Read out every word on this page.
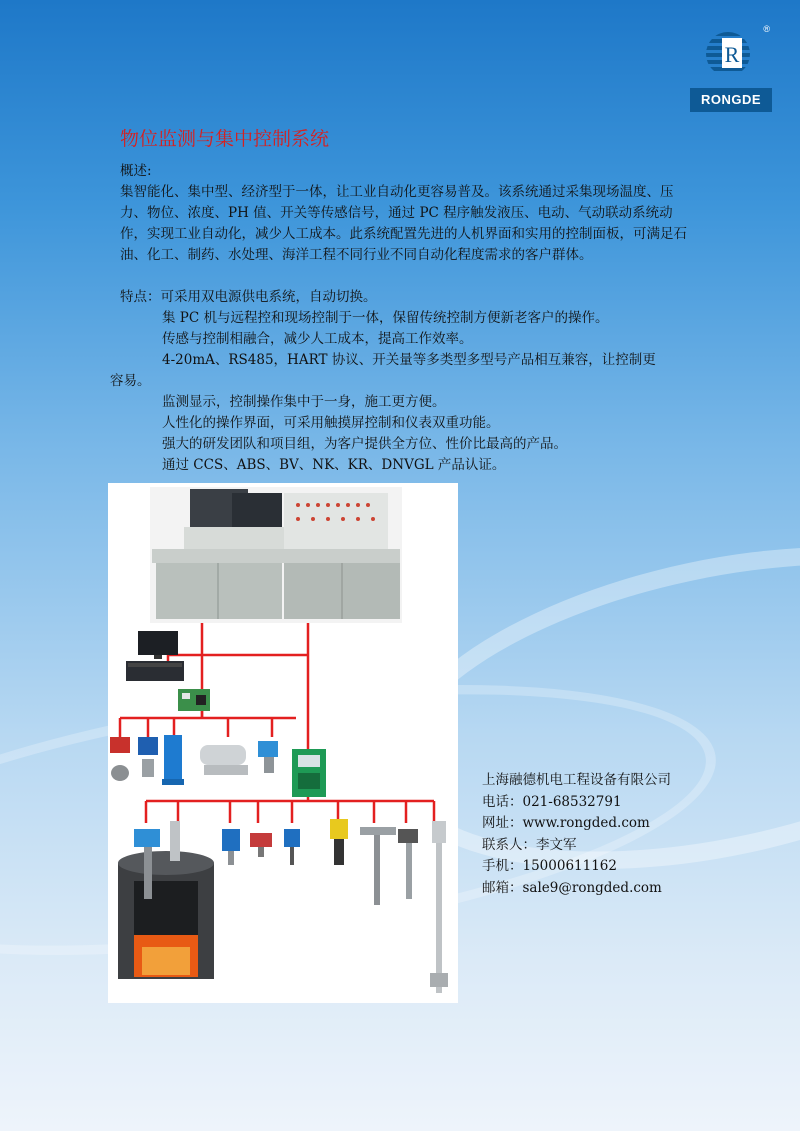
R
®
RONGDE
物位监测与集中控制系统
概述:
集智能化、集中型、经济型于一体，让工业自动化更容易普及。该系统通过采集现场温度、压力、物位、浓度、PH 值、开关等传感信号，通过 PC 程序触发液压、电动、气动联动系统动作，实现工业自动化，减少人工成本。此系统配置先进的人机界面和实用的控制面板，可满足石油、化工、制药、水处理、海洋工程不同行业不同自动化程度需求的客户群体。
特点：可采用双电源供电系统，自动切换。
集 PC 机与远程控和现场控制于一体，保留传统控制方便新老客户的操作。
传感与控制相融合，减少人工成本，提高工作效率。
4-20mA、RS485，HART 协议、开关量等多类型多型号产品相互兼容，让控制更
容易。
监测显示，控制操作集中于一身，施工更方便。
人性化的操作界面，可采用触摸屏控制和仪表双重功能。
强大的研发团队和项目组，为客户提供全方位、性价比最高的产品。
通过 CCS、ABS、BV、NK、KR、DNVGL 产品认证。
上海融德机电工程设备有限公司
电话：021-68532791
网址：www.rongded.com
联系人：李文军
手机：15000611162
邮箱：sale9@rongded.com
